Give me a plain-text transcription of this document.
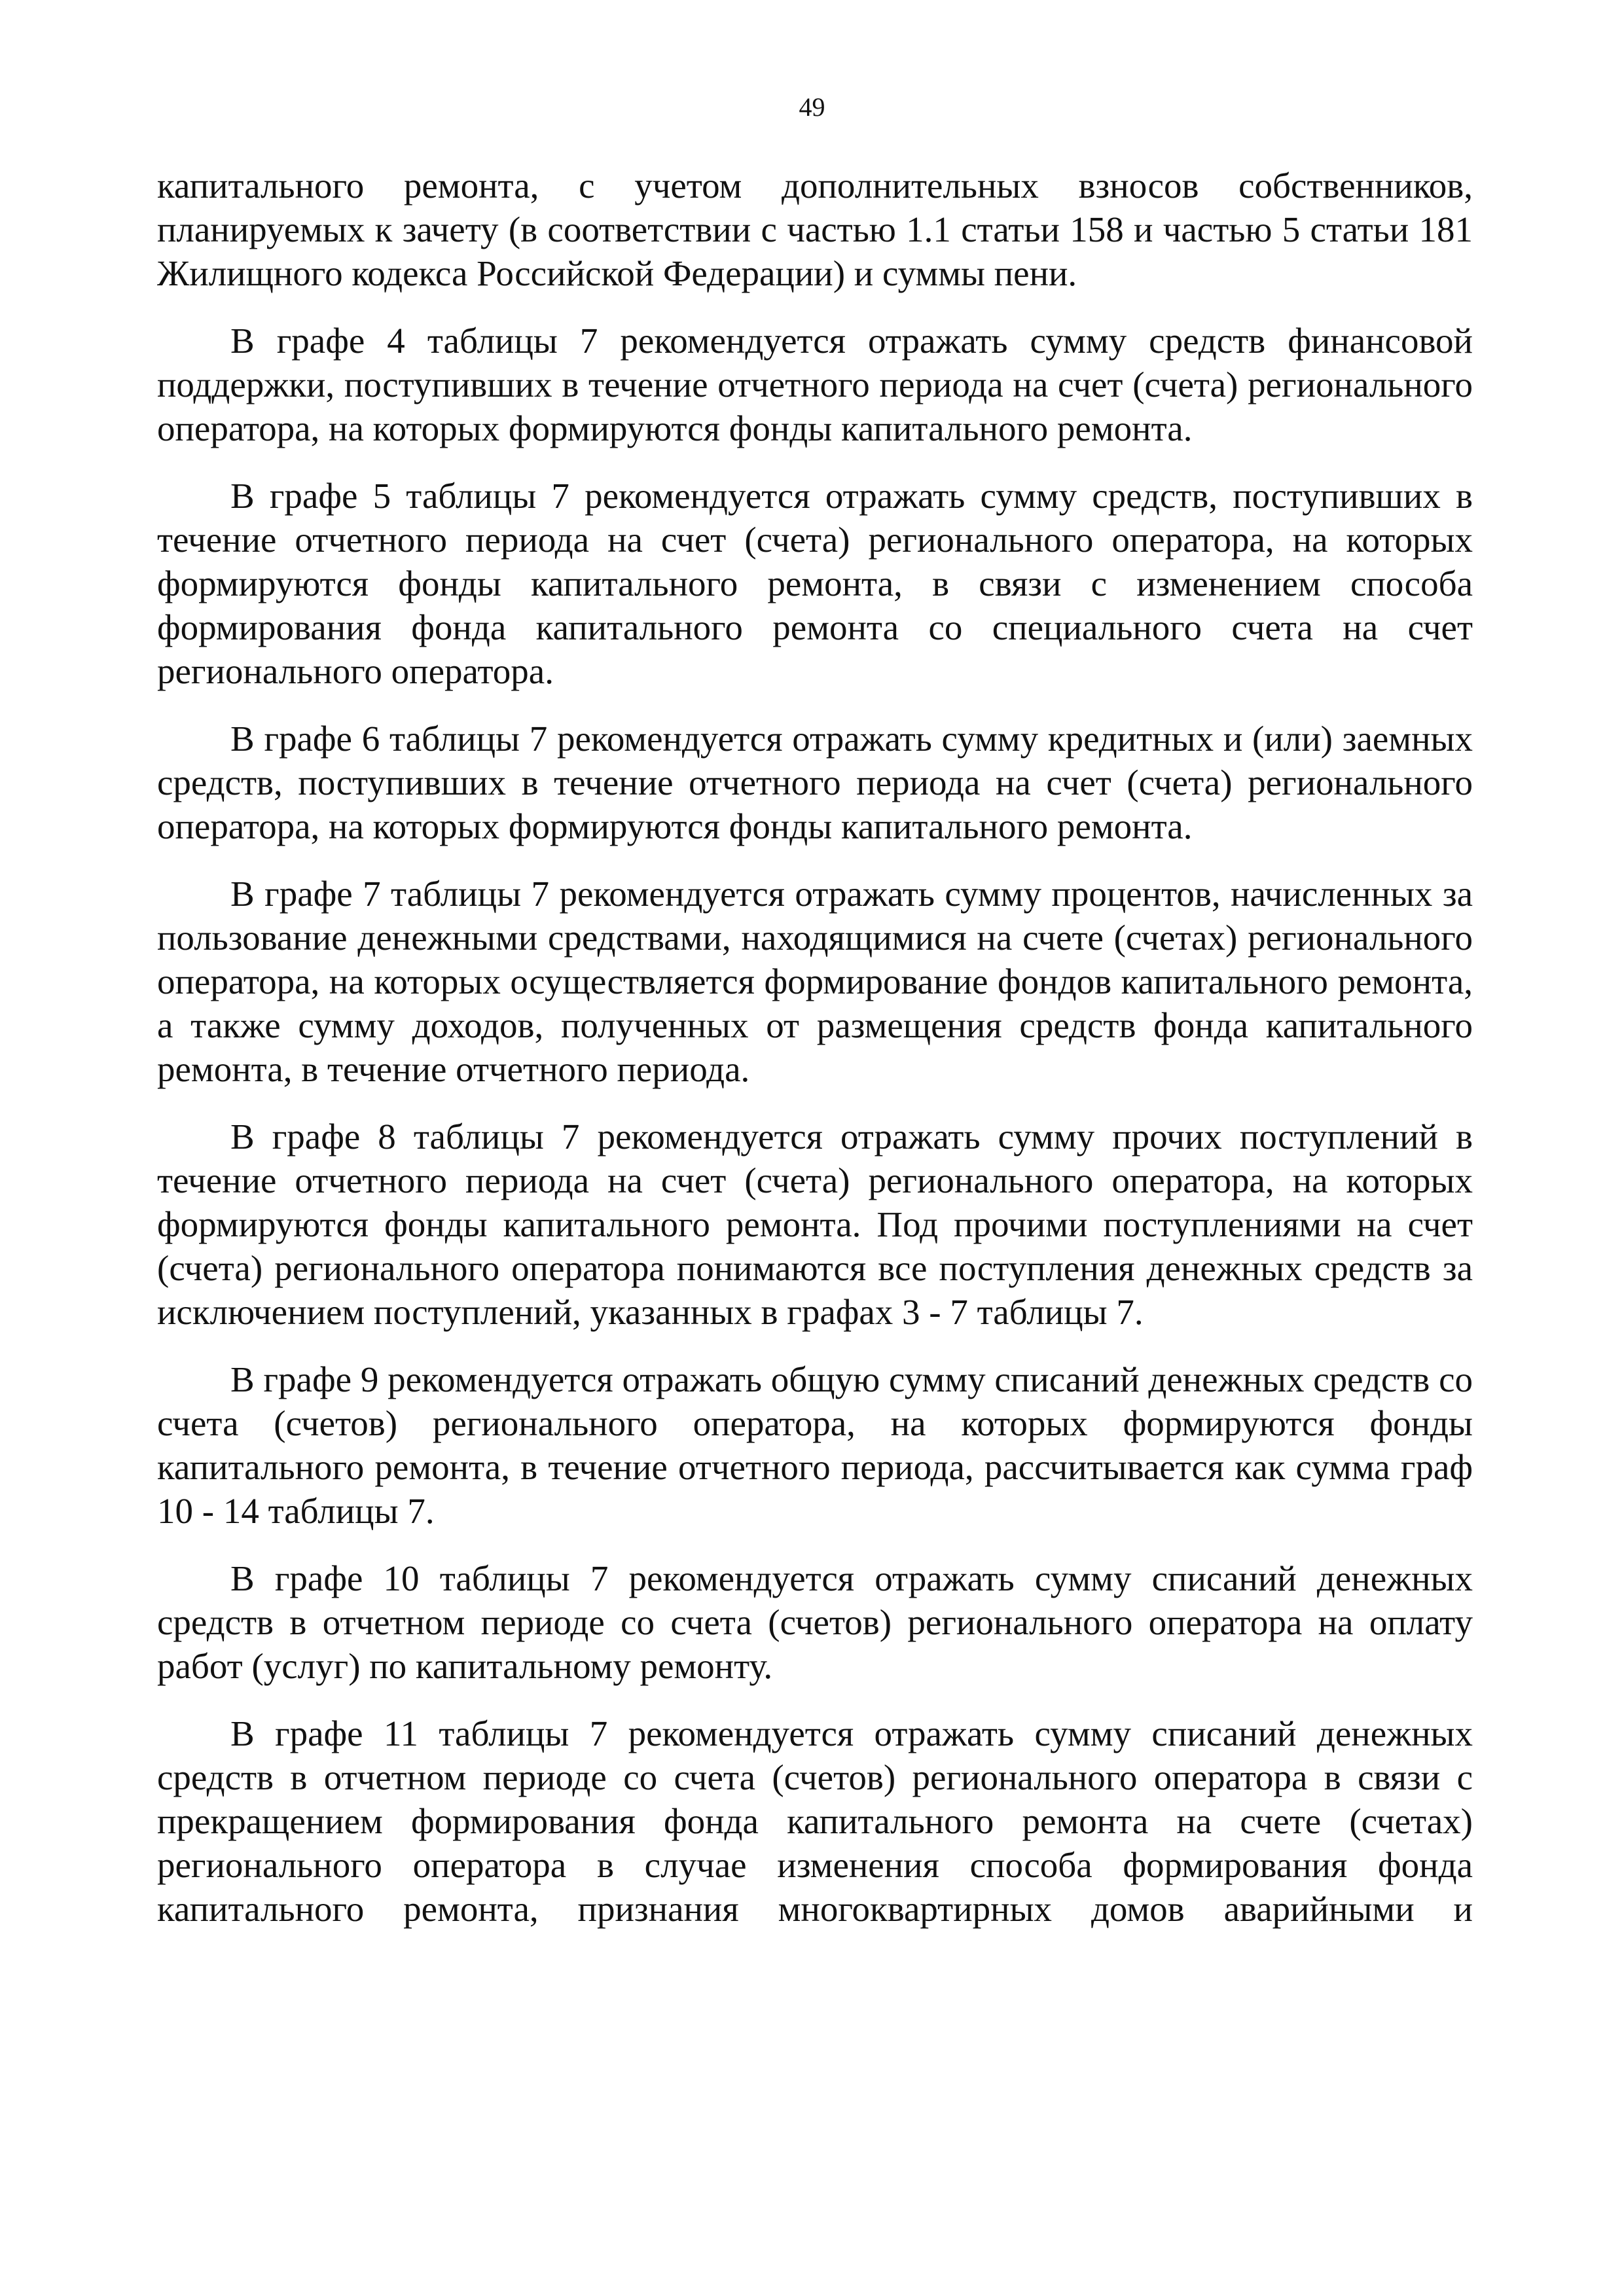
49

капитального ремонта, с учетом дополнительных взносов собственников, планируемых к зачету (в соответствии с частью 1.1 статьи 158 и частью 5 статьи 181 Жилищного кодекса Российской Федерации) и суммы пени.

В графе 4 таблицы 7 рекомендуется отражать сумму средств финансовой поддержки, поступивших в течение отчетного периода на счет (счета) регионального оператора, на которых формируются фонды капитального ремонта.

В графе 5 таблицы 7 рекомендуется отражать сумму средств, поступивших в течение отчетного периода на счет (счета) регионального оператора, на которых формируются фонды капитального ремонта, в связи с изменением способа формирования фонда капитального ремонта со специального счета на счет регионального оператора.

В графе 6 таблицы 7 рекомендуется отражать сумму кредитных и (или) заемных средств, поступивших в течение отчетного периода на счет (счета) регионального оператора, на которых формируются фонды капитального ремонта.

В графе 7 таблицы 7 рекомендуется отражать сумму процентов, начисленных за пользование денежными средствами, находящимися на счете (счетах) регионального оператора, на которых осуществляется формирование фондов капитального ремонта, а также сумму доходов, полученных от размещения средств фонда капитального ремонта, в течение отчетного периода.

В графе 8 таблицы 7 рекомендуется отражать сумму прочих поступлений в течение отчетного периода на счет (счета) регионального оператора, на которых формируются фонды капитального ремонта. Под прочими поступлениями на счет (счета) регионального оператора понимаются все поступления денежных средств за исключением поступлений, указанных в графах 3 - 7 таблицы 7.

В графе 9 рекомендуется отражать общую сумму списаний денежных средств со счета (счетов) регионального оператора, на которых формируются фонды капитального ремонта, в течение отчетного периода, рассчитывается как сумма граф 10 - 14 таблицы 7.

В графе 10 таблицы 7 рекомендуется отражать сумму списаний денежных средств в отчетном периоде со счета (счетов) регионального оператора на оплату работ (услуг) по капитальному ремонту.

В графе 11 таблицы 7 рекомендуется отражать сумму списаний денежных средств в отчетном периоде со счета (счетов) регионального оператора в связи с прекращением формирования фонда капитального ремонта на счете (счетах) регионального оператора в случае изменения способа формирования фонда капитального ремонта, признания многоквартирных домов аварийными и
